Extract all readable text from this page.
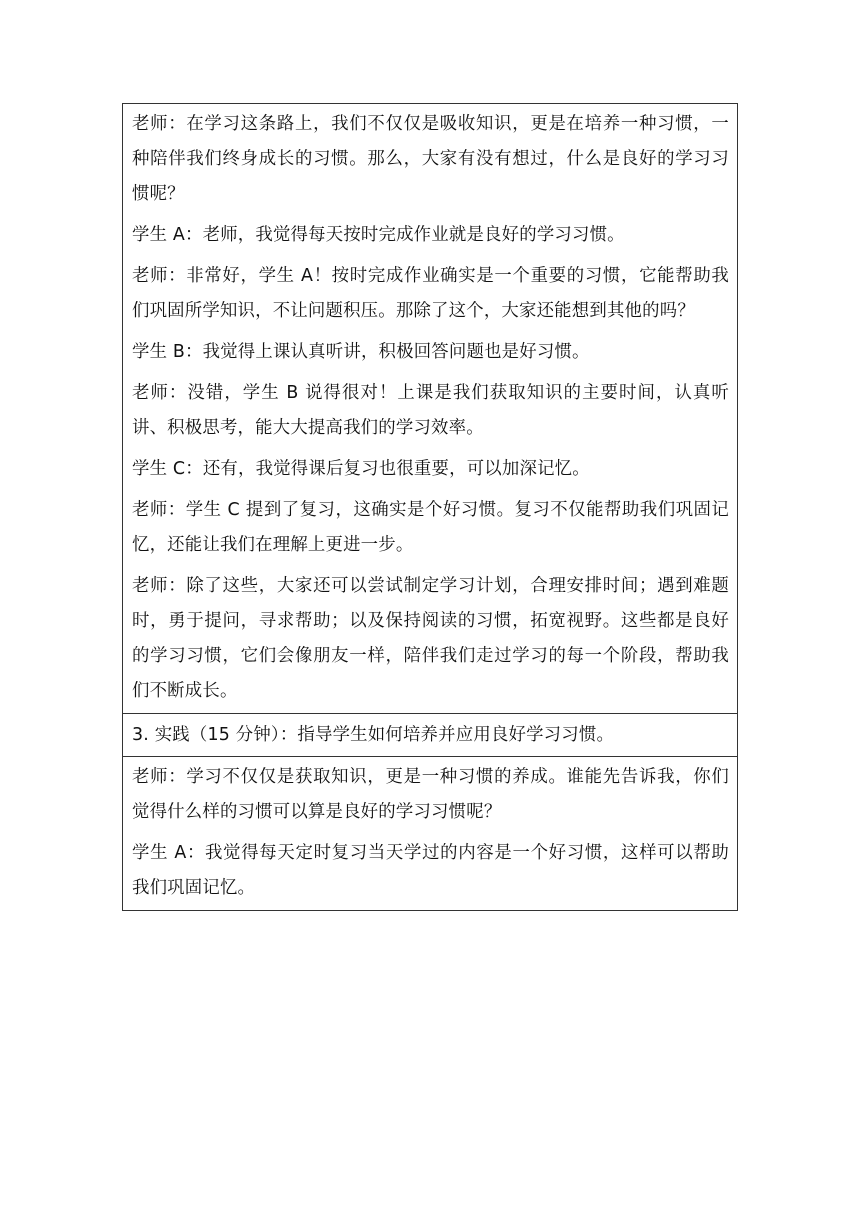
老师：在学习这条路上，我们不仅仅是吸收知识，更是在培养一种习惯，一种陪伴我们终身成长的习惯。那么，大家有没有想过，什么是良好的学习习惯呢？

学生 A：老师，我觉得每天按时完成作业就是良好的学习习惯。

老师：非常好，学生 A！按时完成作业确实是一个重要的习惯，它能帮助我们巩固所学知识，不让问题积压。那除了这个，大家还能想到其他的吗？

学生 B：我觉得上课认真听讲，积极回答问题也是好习惯。

老师：没错，学生 B 说得很对！上课是我们获取知识的主要时间，认真听讲、积极思考，能大大提高我们的学习效率。

学生 C：还有，我觉得课后复习也很重要，可以加深记忆。

老师：学生 C 提到了复习，这确实是个好习惯。复习不仅能帮助我们巩固记忆，还能让我们在理解上更进一步。

老师：除了这些，大家还可以尝试制定学习计划，合理安排时间；遇到难题时，勇于提问，寻求帮助；以及保持阅读的习惯，拓宽视野。这些都是良好的学习习惯，它们会像朋友一样，陪伴我们走过学习的每一个阶段，帮助我们不断成长。

3. 实践（15 分钟）：指导学生如何培养并应用良好学习习惯。

老师：学习不仅仅是获取知识，更是一种习惯的养成。谁能先告诉我，你们觉得什么样的习惯可以算是良好的学习习惯呢？

学生 A：我觉得每天定时复习当天学过的内容是一个好习惯，这样可以帮助我们巩固记忆。
